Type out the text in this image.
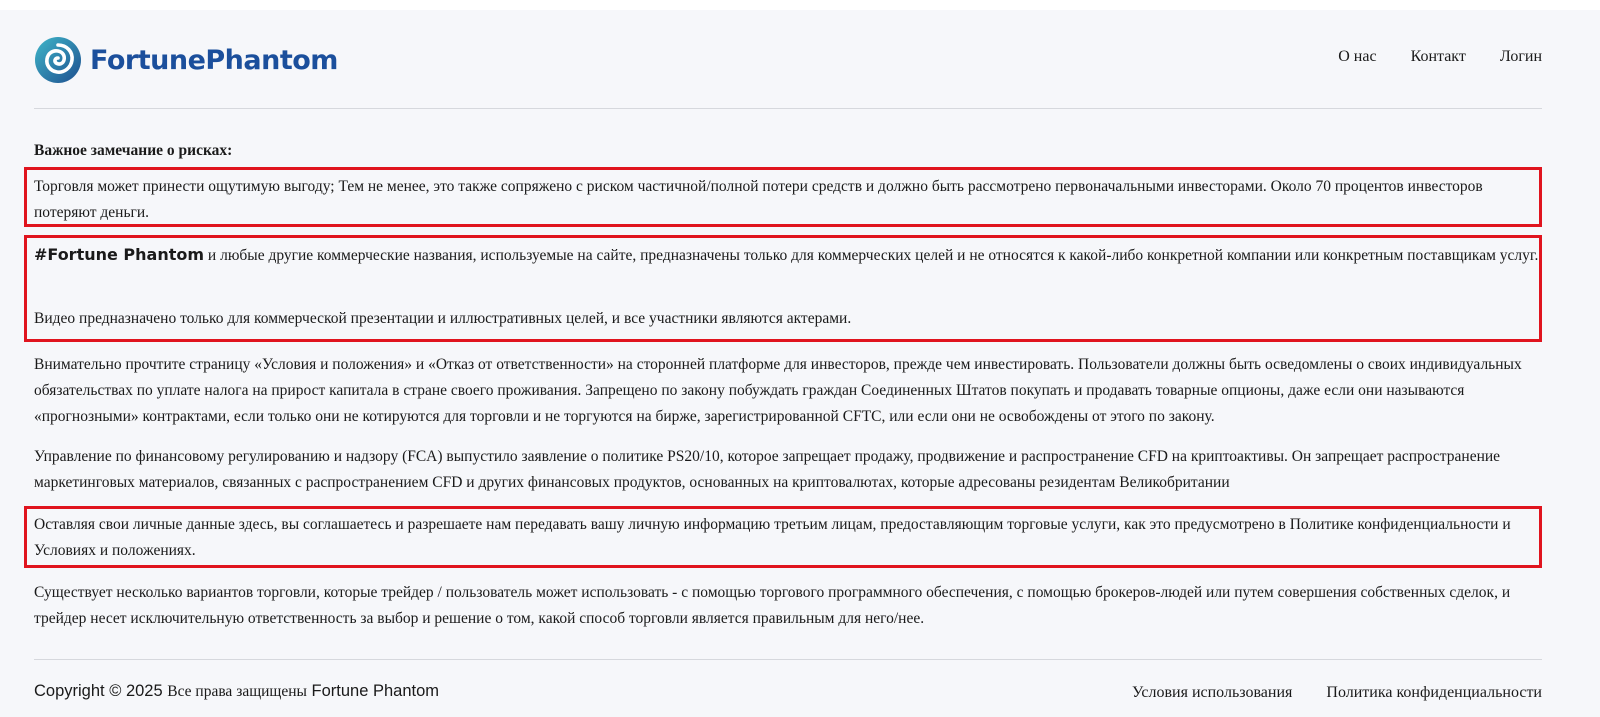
FortunePhantom	О нас Контакт Логин

Важное замечание о рисках:

Торговля может принести ощутимую выгоду; Тем не менее, это также сопряжено с риском частичной/полной потери средств и должно быть рассмотрено первоначальными инвесторами. Около 70 процентов инвесторов потеряют деньги.

#Fortune Phantom и любые другие коммерческие названия, используемые на сайте, предназначены только для коммерческих целей и не относятся к какой-либо конкретной компании или конкретным поставщикам услуг.

Видео предназначено только для коммерческой презентации и иллюстративных целей, и все участники являются актерами.

Внимательно прочтите страницу «Условия и положения» и «Отказ от ответственности» на сторонней платформе для инвесторов, прежде чем инвестировать. Пользователи должны быть осведомлены о своих индивидуальных обязательствах по уплате налога на прирост капитала в стране своего проживания. Запрещено по закону побуждать граждан Соединенных Штатов покупать и продавать товарные опционы, даже если они называются «прогнозными» контрактами, если только они не котируются для торговли и не торгуются на бирже, зарегистрированной CFTC, или если они не освобождены от этого по закону.

Управление по финансовому регулированию и надзору (FCA) выпустило заявление о политике PS20/10, которое запрещает продажу, продвижение и распространение CFD на криптоактивы. Он запрещает распространение маркетинговых материалов, связанных с распространением CFD и других финансовых продуктов, основанных на криптовалютах, которые адресованы резидентам Великобритании

Оставляя свои личные данные здесь, вы соглашаетесь и разрешаете нам передавать вашу личную информацию третьим лицам, предоставляющим торговые услуги, как это предусмотрено в Политике конфиденциальности и Условиях и положениях.

Существует несколько вариантов торговли, которые трейдер / пользователь может использовать - с помощью торгового программного обеспечения, с помощью брокеров-людей или путем совершения собственных сделок, и трейдер несет исключительную ответственность за выбор и решение о том, какой способ торговли является правильным для него/нее.

Copyright © 2025 Все права защищены Fortune Phantom	Условия использования Политика конфиденциальности
